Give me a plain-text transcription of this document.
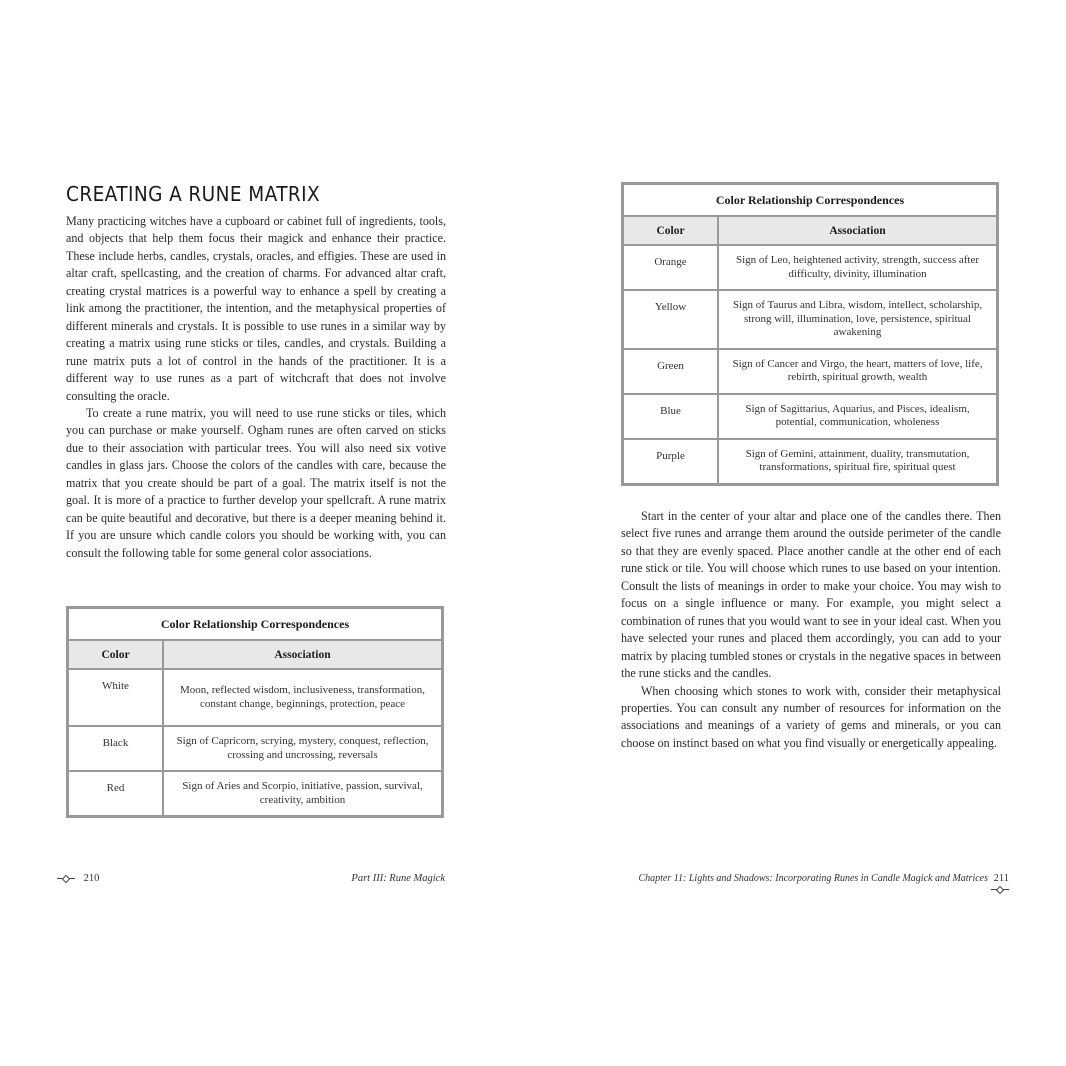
CREATING A RUNE MATRIX

Many practicing witches have a cupboard or cabinet full of ingredients, tools, and objects that help them focus their magick and enhance their practice. These include herbs, candles, crystals, oracles, and effigies. These are used in altar craft, spellcasting, and the creation of charms. For advanced altar craft, creating crystal matrices is a powerful way to enhance a spell by creating a link among the practitioner, the intention, and the metaphysical properties of different minerals and crystals. It is possible to use runes in a similar way by creating a matrix using rune sticks or tiles, candles, and crystals. Building a rune matrix puts a lot of control in the hands of the practitioner. It is a different way to use runes as a part of witchcraft that does not involve consulting the oracle.

To create a rune matrix, you will need to use rune sticks or tiles, which you can purchase or make yourself. Ogham runes are often carved on sticks due to their association with particular trees. You will also need six votive candles in glass jars. Choose the colors of the candles with care, because the matrix that you create should be part of a goal. The matrix itself is not the goal. It is more of a practice to further develop your spellcraft. A rune matrix can be quite beautiful and decorative, but there is a deeper meaning behind it. If you are unsure which candle colors you should be working with, you can consult the following table for some general color associations.

Color Relationship Correspondences	
Color	Association
White	Moon, reflected wisdom, inclusiveness, transformation, constant change, beginnings, protection, peace
Black	Sign of Capricorn, scrying, mystery, conquest, reflection, crossing and uncrossing, reversals
Red	Sign of Aries and Scorpio, initiative, passion, survival, creativity, ambition
210	Part III: Rune Magick
Color Relationship Correspondences	
Color	Association
Orange	Sign of Leo, heightened activity, strength, success after difficulty, divinity, illumination
Yellow	Sign of Taurus and Libra, wisdom, intellect, scholarship, strong will, illumination, love, persistence, spiritual awakening
Green	Sign of Cancer and Virgo, the heart, matters of love, life, rebirth, spiritual growth, wealth
Blue	Sign of Sagittarius, Aquarius, and Pisces, idealism, potential, communication, wholeness
Purple	Sign of Gemini, attainment, duality, transmutation, transformations, spiritual fire, spiritual quest

Start in the center of your altar and place one of the candles there. Then select five runes and arrange them around the outside perimeter of the candle so that they are evenly spaced. Place another candle at the other end of each rune stick or tile. You will choose which runes to use based on your intention. Consult the lists of meanings in order to make your choice. You may wish to focus on a single influence or many. For example, you might select a combination of runes that you would want to see in your ideal cast. When you have selected your runes and placed them accordingly, you can add to your matrix by placing tumbled stones or crystals in the negative spaces in between the rune sticks and the candles.

When choosing which stones to work with, consider their metaphysical properties. You can consult any number of resources for information on the associations and meanings of a variety of gems and minerals, or you can choose on instinct based on what you find visually or energetically appealing.

Chapter 11: Lights and Shadows: Incorporating Runes in Candle Magick and Matrices 211
